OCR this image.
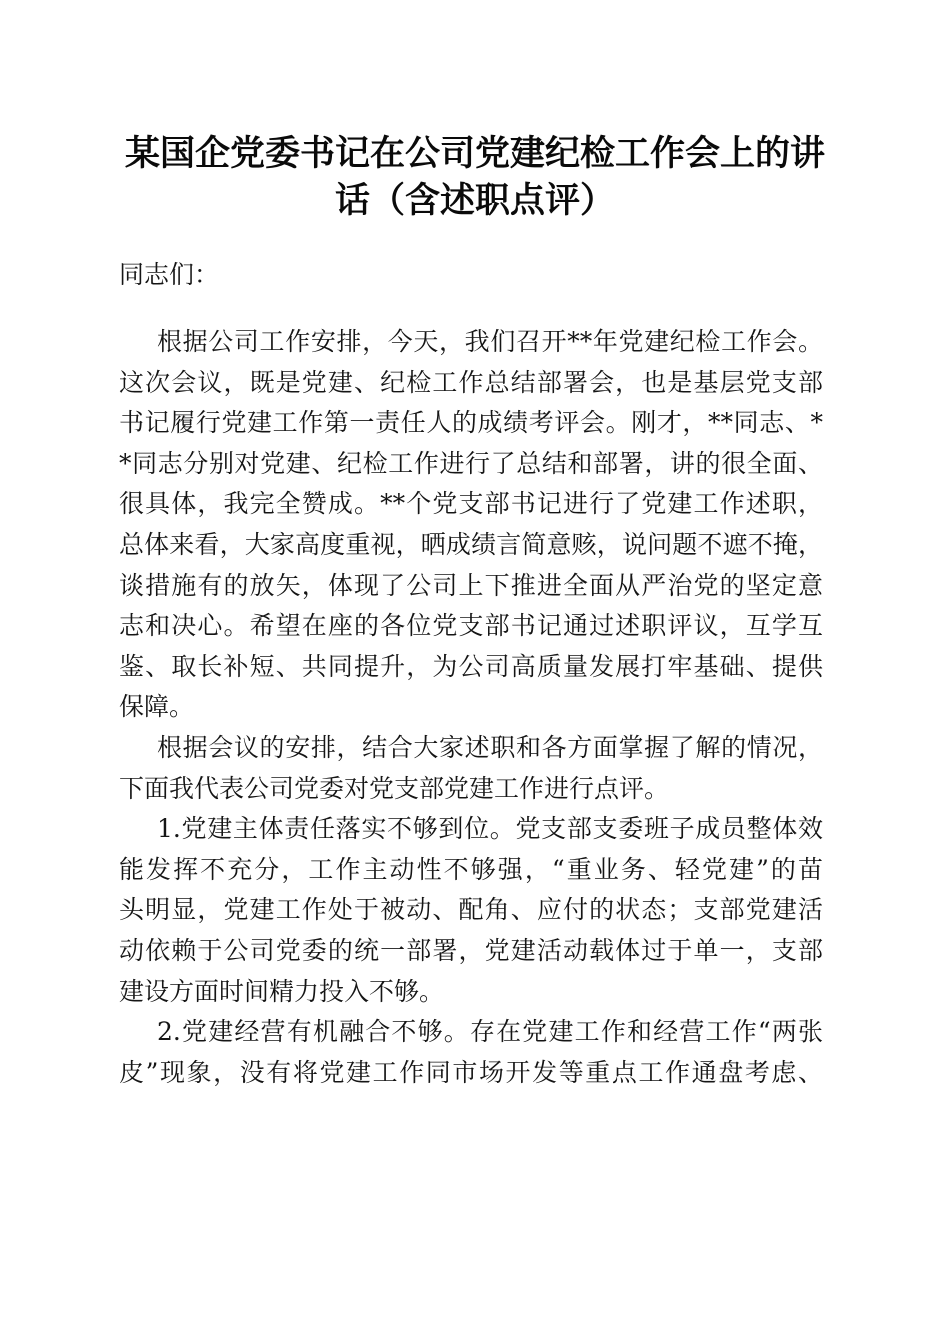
某国企党委书记在公司党建纪检工作会上的讲
话（含述职点评）
同志们：
根据公司工作安排，今天，我们召开**年党建纪检工作会。
这次会议，既是党建、纪检工作总结部署会，也是基层党支部
书记履行党建工作第一责任人的成绩考评会。刚才，**同志、*
*同志分别对党建、纪检工作进行了总结和部署，讲的很全面、
很具体，我完全赞成。**个党支部书记进行了党建工作述职，
总体来看，大家高度重视，晒成绩言简意赅，说问题不遮不掩，
谈措施有的放矢，体现了公司上下推进全面从严治党的坚定意
志和决心。希望在座的各位党支部书记通过述职评议，互学互
鉴、取长补短、共同提升，为公司高质量发展打牢基础、提供
保障。
根据会议的安排，结合大家述职和各方面掌握了解的情况，
下面我代表公司党委对党支部党建工作进行点评。
1.党建主体责任落实不够到位。党支部支委班子成员整体效
能发挥不充分，工作主动性不够强，“重业务、轻党建”的苗
头明显，党建工作处于被动、配角、应付的状态；支部党建活
动依赖于公司党委的统一部署，党建活动载体过于单一，支部
建设方面时间精力投入不够。
2.党建经营有机融合不够。存在党建工作和经营工作“两张
皮”现象，没有将党建工作同市场开发等重点工作通盘考虑、
